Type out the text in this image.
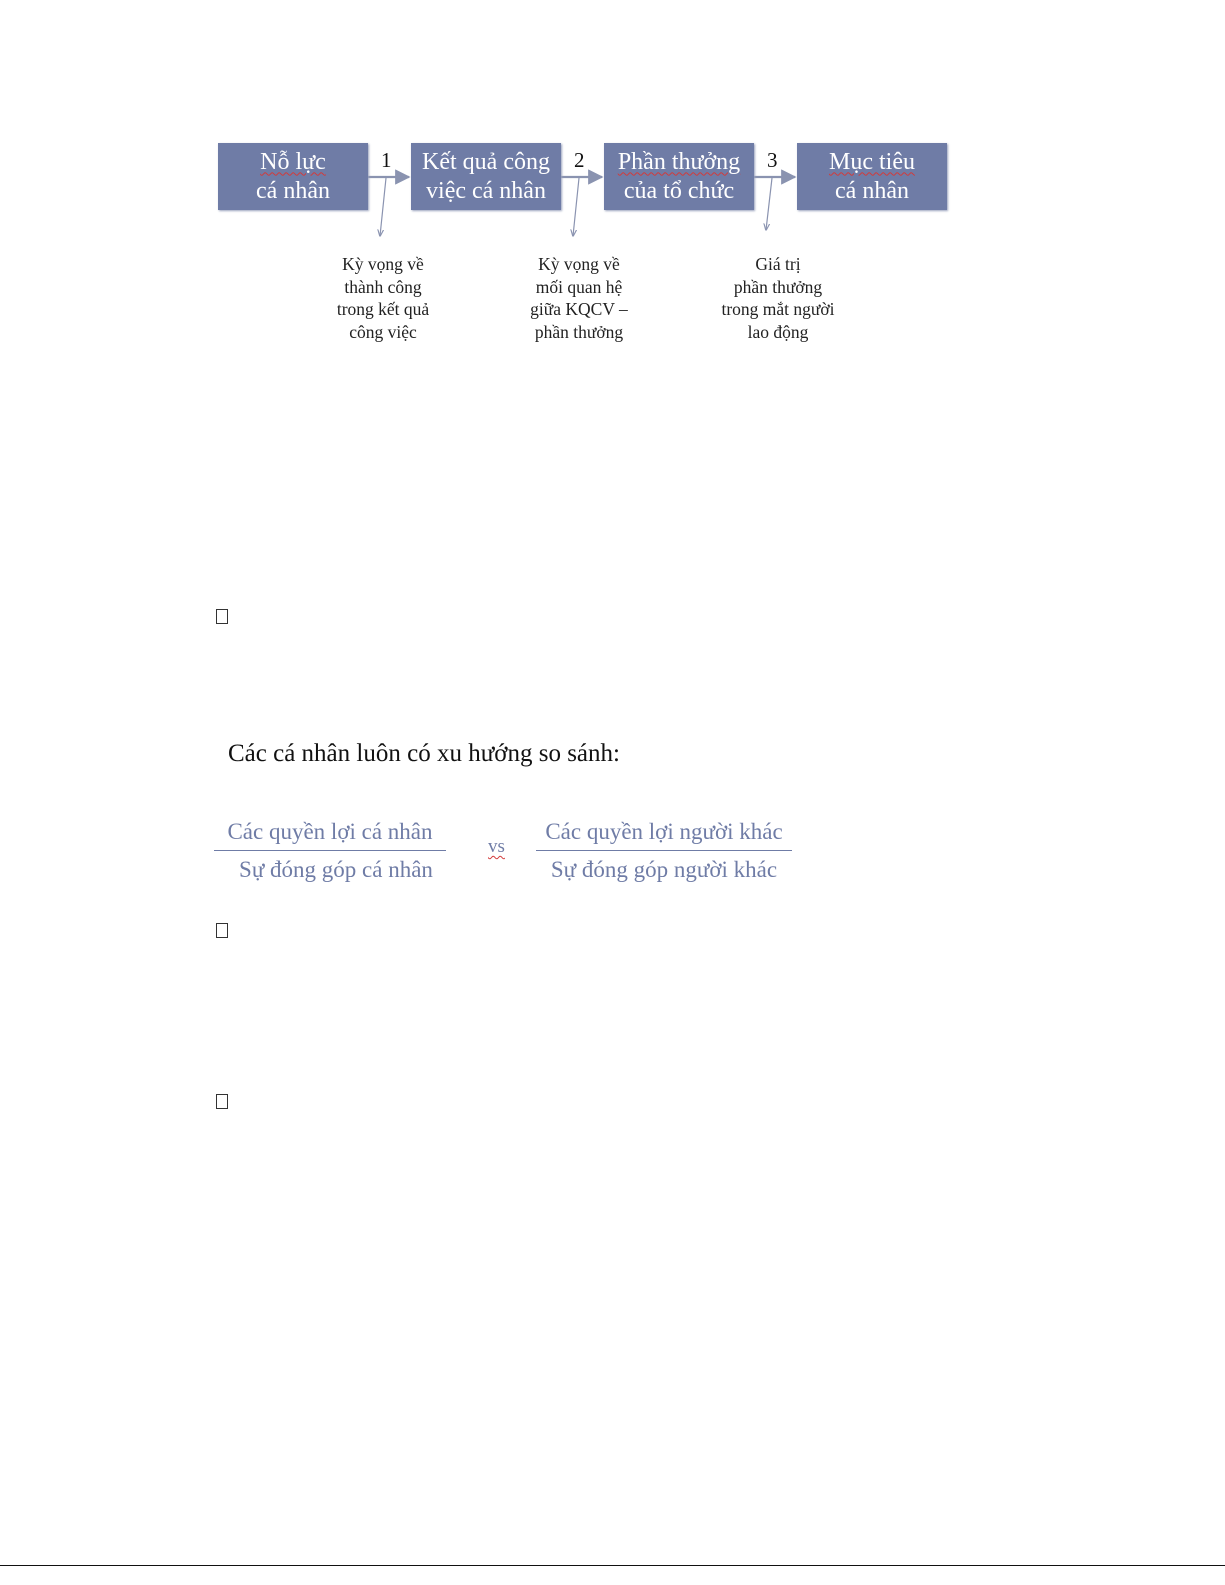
Nỗ lực
cá nhân
Kết quả công
việc cá nhân
Phần thưởng
của tổ chức
Mục tiêu
cá nhân
1	2	3
Kỳ vọng về
thành công
trong kết quả
công việc
Kỳ vọng về
mối quan hệ
giữa KQCV –
phần thưởng
Giá trị
phần thưởng
trong mắt người
lao động
Các cá nhân luôn có xu hướng so sánh:
Các quyền lợi cá nhân
Sự đóng góp cá nhân
vs
Các quyền lợi người khác
Sự đóng góp người khác
